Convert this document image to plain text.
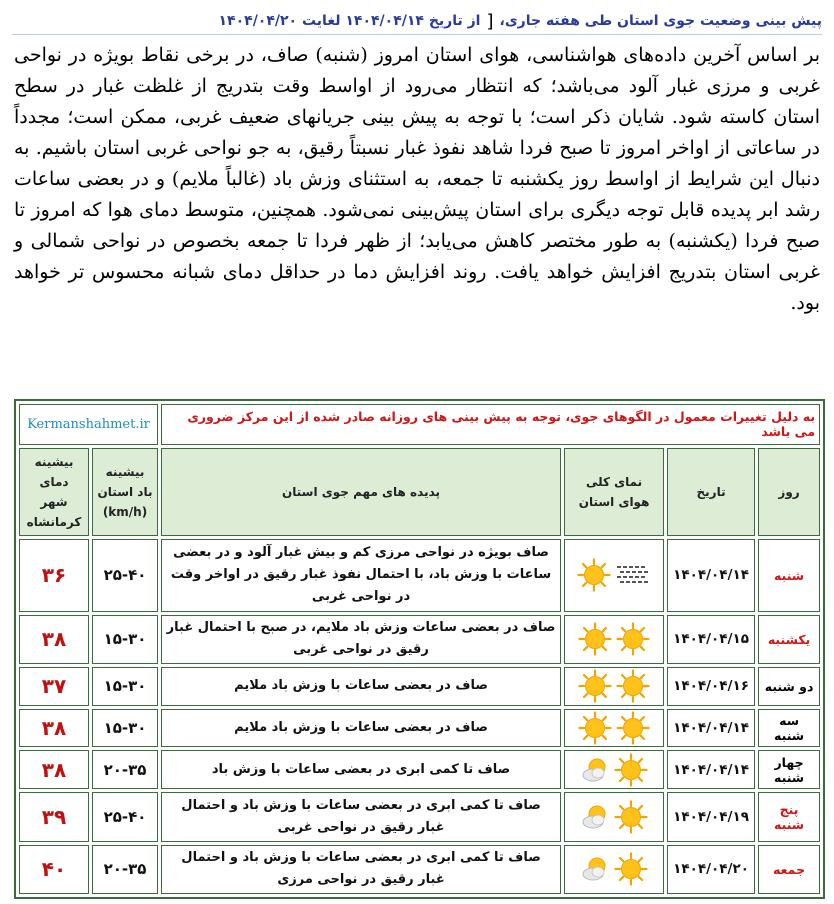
پیش بینی وضعیت جوی استان طی هفته جاری،
[
از تاریخ ۱۴۰۴/۰۴/۱۴ لغایت ۱۴۰۴/۰۴/۲۰

بر اساس آخرین داده‌های هواشناسی، هوای استان امروز (شنبه) صاف، در برخی نقاط بویژه در نواحی غربی و مرزی غبار آلود می‌باشد؛ که انتظار می‌رود از اواسط وقت بتدریج از غلظت غبار در سطح استان کاسته شود. شایان ذکر است؛ با توجه به پیش بینی جریانهای ضعیف غربی، ممکن است؛ مجدداً در ساعاتی از اواخر امروز تا صبح فردا شاهد نفوذ غبار نسبتاً رقیق، به جو نواحی غربی استان باشیم. به دنبال این شرایط از اواسط روز یکشنبه تا جمعه، به استثنای وزش باد (غالباً ملایم) و در بعضی ساعات رشد ابر پدیده قابل توجه دیگری برای استان پیش‌بینی نمی‌شود. همچنین، متوسط دمای هوا که امروز تا صبح فردا (یکشنبه) به طور مختصر کاهش می‌یابد؛ از ظهر فردا تا جمعه بخصوص در نواحی شمالی و غربی استان بتدریج افزایش خواهد یافت. روند افزایش دما در حداقل دمای شبانه محسوس تر خواهد بود.

به دلیل تغییرات معمول در الگوهای جوی، توجه به پیش بینی های روزانه صادر شده از این مرکز ضروری می باشد				Kermanshahmet.ir	
روز	تاریخ	نمای کلی هوای استان	پدیده های مهم جوی استان	بیشینه باد استان (km/h)	بیشینه دمای شهر کرمانشاه
شنبه	۱۴۰۴/۰۴/۱۴		صاف بویژه در نواحی مرزی کم و بیش غبار آلود و در بعضی ساعات با وزش باد، با احتمال نفوذ غبار رقیق در اواخر وقت در نواحی غربی	۲۵-۴۰	۳۶
یکشنبه	۱۴۰۴/۰۴/۱۵		صاف در بعضی ساعات وزش باد ملایم، در صبح با احتمال غبار رقیق در نواحی غربی	۱۵-۳۰	۳۸
دو شنبه	۱۴۰۴/۰۴/۱۶		صاف در بعضی ساعات با وزش باد ملایم	۱۵-۳۰	۳۷
سه شنبه	۱۴۰۴/۰۴/۱۴		صاف در بعضی ساعات با وزش باد ملایم	۱۵-۳۰	۳۸
چهار شنبه	۱۴۰۴/۰۴/۱۴		صاف تا کمی ابری در بعضی ساعات با وزش باد	۲۰-۳۵	۳۸
پنج شنبه	۱۴۰۴/۰۴/۱۹		صاف تا کمی ابری در بعضی ساعات با وزش باد و احتمال غبار رقیق در نواحی غربی	۲۵-۴۰	۳۹
جمعه	۱۴۰۴/۰۴/۲۰		صاف تا کمی ابری در بعضی ساعات با وزش باد و احتمال غبار رقیق در نواحی مرزی	۲۰-۳۵	۴۰
